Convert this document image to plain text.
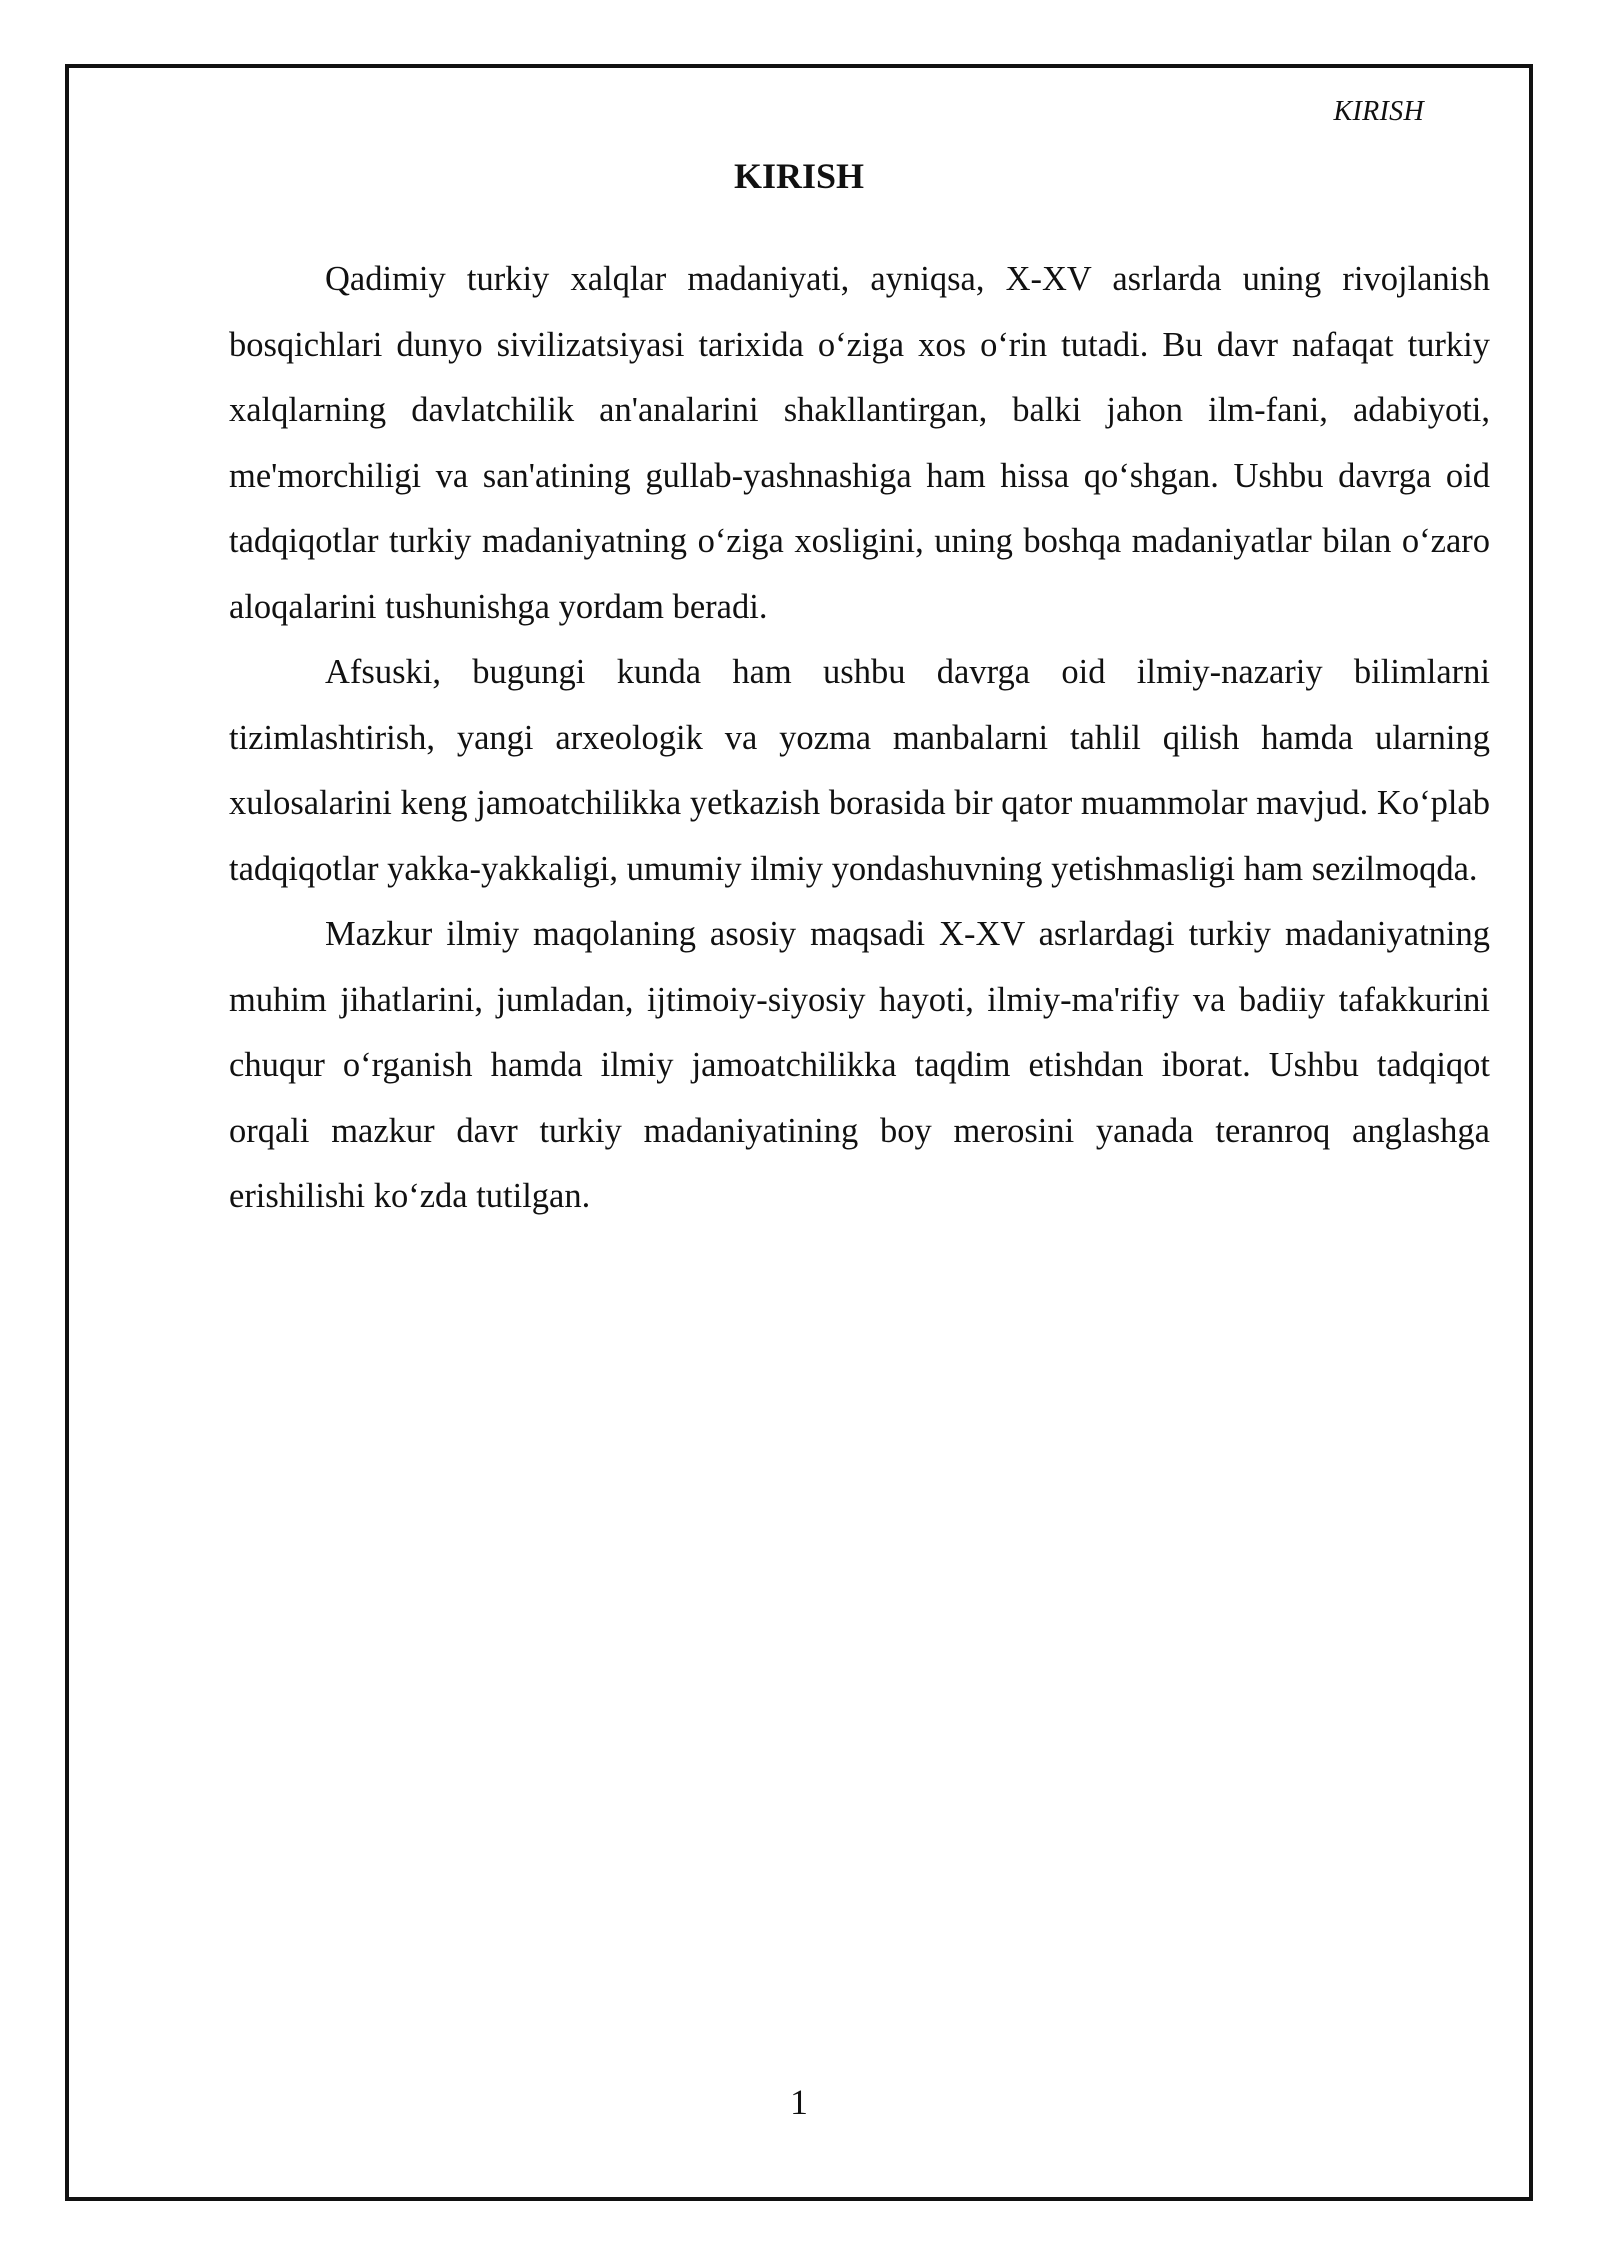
KIRISH
KIRISH

Qadimiy turkiy xalqlar madaniyati, ayniqsa, X-XV asrlarda uning rivojlanish bosqichlari dunyo sivilizatsiyasi tarixida o‘ziga xos o‘rin tutadi. Bu davr nafaqat turkiy xalqlarning davlatchilik an'analarini shakllantirgan, balki jahon ilm-fani, adabiyoti, me'morchiligi va san'atining gullab-yashnashiga ham hissa qo‘shgan. Ushbu davrga oid tadqiqotlar turkiy madaniyatning o‘ziga xosligini, uning boshqa madaniyatlar bilan o‘zaro aloqalarini tushunishga yordam beradi.

Afsuski, bugungi kunda ham ushbu davrga oid ilmiy-nazariy bilimlarni tizimlashtirish, yangi arxeologik va yozma manbalarni tahlil qilish hamda ularning xulosalarini keng jamoatchilikka yetkazish borasida bir qator muammolar mavjud. Ko‘plab tadqiqotlar yakka-yakkaligi, umumiy ilmiy yondashuvning yetishmasligi ham sezilmoqda.

Mazkur ilmiy maqolaning asosiy maqsadi X-XV asrlardagi turkiy madaniyatning muhim jihatlarini, jumladan, ijtimoiy-siyosiy hayoti, ilmiy-ma'rifiy va badiiy tafakkurini chuqur o‘rganish hamda ilmiy jamoatchilikka taqdim etishdan iborat. Ushbu tadqiqot orqali mazkur davr turkiy madaniyatining boy merosini yanada teranroq anglashga erishilishi ko‘zda tutilgan.

1
